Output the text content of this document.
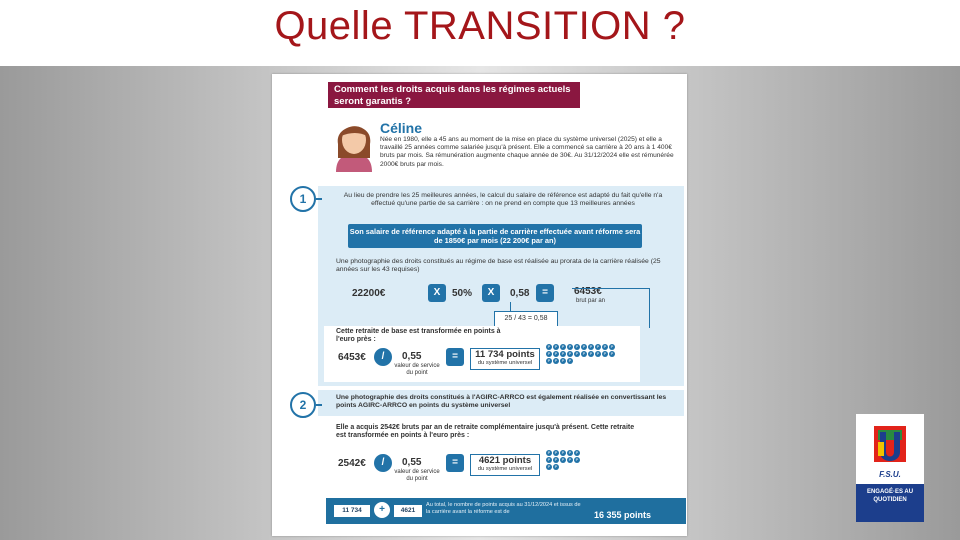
Quelle TRANSITION ?
Comment les droits acquis dans les régimes actuels seront garantis ?
Céline
Née en 1980, elle a 45 ans au moment de la mise en place du système universel (2025) et elle a travaillé 25 années comme salariée jusqu'à présent. Elle a commencé sa carrière à 20 ans à 1 400€ bruts par mois. Sa rémunération augmente chaque année de 30€. Au 31/12/2024 elle est rémunérée 2000€ bruts par mois.
1	Au lieu de prendre les 25 meilleures années, le calcul du salaire de référence est adapté du fait qu'elle n'a effectué qu'une partie de sa carrière : on ne prend en compte que 13 meilleures années
Son salaire de référence adapté à la partie de carrière effectuée avant réforme sera de 1850€ par mois (22 200€ par an)
Une photographie des droits constitués au régime de base est réalisée au prorata de la carrière réalisée (25 années sur les 43 requises)
22200€	X	50%	X	0,58	=	6453€
brut par an
25 / 43 = 0,58
Cette retraite de base est transformée en points à l'euro près :
6453€	/	0,55
valeur de service du point
=	11 734 points
du système universel
P	P	P	P	P	P	P	P	P	P
P	P	P	P	P	P	P	P	P	P
P	P	P	P
2
Une photographie des droits constitués à l'AGIRC-ARRCO est également réalisée en convertissant les points AGIRC-ARRCO en points du système universel
Elle a acquis 2542€ bruts par an de retraite complémentaire jusqu'à présent. Cette retraite est transformée en points à l'euro près :
2542€	/	0,55
valeur de service du point
=	4621 points
du système universel
P	P	P	P	P
P	P	P	P	P
P	P
11 734	+	4621
Au total, le nombre de points acquis au 31/12/2024 et issus de la carrière avant la réforme est de	16 355 points
F.S.U.
ENGAGÉ·ES AU QUOTIDIEN
